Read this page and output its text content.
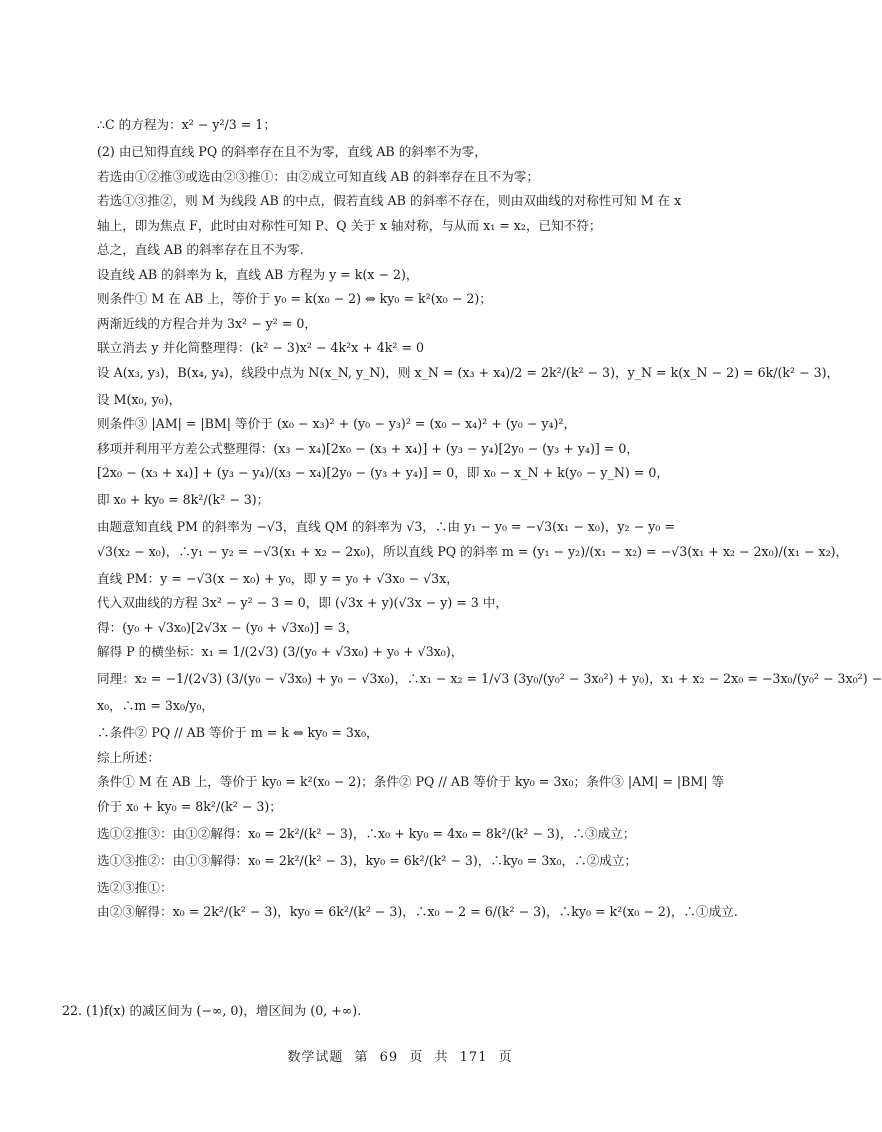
∴C 的方程为：x² − y²/3 = 1；
(2) 由已知得直线 PQ 的斜率存在且不为零，直线 AB 的斜率不为零，
若选由①②推③或选由②③推①：由②成立可知直线 AB 的斜率存在且不为零；
若选①③推②，则 M 为线段 AB 的中点，假若直线 AB 的斜率不存在，则由双曲线的对称性可知 M 在 x
轴上，即为焦点 F，此时由对称性可知 P、Q 关于 x 轴对称，与从而 x₁ = x₂，已知不符；
总之，直线 AB 的斜率存在且不为零.
设直线 AB 的斜率为 k，直线 AB 方程为 y = k(x − 2)，
则条件① M 在 AB 上，等价于 y₀ = k(x₀ − 2) ⇔ ky₀ = k²(x₀ − 2)；
两渐近线的方程合并为 3x² − y² = 0，
联立消去 y 并化简整理得：(k² − 3)x² − 4k²x + 4k² = 0
设 A(x₃, y₃)，B(x₄, y₄)，线段中点为 N(x_N, y_N)，则 x_N = (x₃ + x₄)/2 = 2k²/(k² − 3)，y_N = k(x_N − 2) = 6k/(k² − 3)，
设 M(x₀, y₀)，
则条件③ |AM| = |BM| 等价于 (x₀ − x₃)² + (y₀ − y₃)² = (x₀ − x₄)² + (y₀ − y₄)²，
移项并利用平方差公式整理得：(x₃ − x₄)[2x₀ − (x₃ + x₄)] + (y₃ − y₄)[2y₀ − (y₃ + y₄)] = 0，
[2x₀ − (x₃ + x₄)] + (y₃ − y₄)/(x₃ − x₄)[2y₀ − (y₃ + y₄)] = 0，即 x₀ − x_N + k(y₀ − y_N) = 0，
即 x₀ + ky₀ = 8k²/(k² − 3)；
由题意知直线 PM 的斜率为 −√3，直线 QM 的斜率为 √3，∴由 y₁ − y₀ = −√3(x₁ − x₀)，y₂ − y₀ =
√3(x₂ − x₀)，∴y₁ − y₂ = −√3(x₁ + x₂ − 2x₀)，所以直线 PQ 的斜率 m = (y₁ − y₂)/(x₁ − x₂) = −√3(x₁ + x₂ − 2x₀)/(x₁ − x₂)，
直线 PM：y = −√3(x − x₀) + y₀，即 y = y₀ + √3x₀ − √3x，
代入双曲线的方程 3x² − y² − 3 = 0，即 (√3x + y)(√3x − y) = 3 中，
得：(y₀ + √3x₀)[2√3x − (y₀ + √3x₀)] = 3，
解得 P 的横坐标：x₁ = 1/(2√3) (3/(y₀ + √3x₀) + y₀ + √3x₀)，
同理：x₂ = −1/(2√3) (3/(y₀ − √3x₀) + y₀ − √3x₀)，∴x₁ − x₂ = 1/√3 (3y₀/(y₀² − 3x₀²) + y₀)，x₁ + x₂ − 2x₀ = −3x₀/(y₀² − 3x₀²) −
x₀，∴m = 3x₀/y₀，
∴条件② PQ // AB 等价于 m = k ⇔ ky₀ = 3x₀，
综上所述：
条件① M 在 AB 上，等价于 ky₀ = k²(x₀ − 2)；条件② PQ // AB 等价于 ky₀ = 3x₀；条件③ |AM| = |BM| 等
价于 x₀ + ky₀ = 8k²/(k² − 3)；
选①②推③：由①②解得：x₀ = 2k²/(k² − 3)，∴x₀ + ky₀ = 4x₀ = 8k²/(k² − 3)，∴③成立；
选①③推②：由①③解得：x₀ = 2k²/(k² − 3)，ky₀ = 6k²/(k² − 3)，∴ky₀ = 3x₀，∴②成立；
选②③推①：
由②③解得：x₀ = 2k²/(k² − 3)，ky₀ = 6k²/(k² − 3)，∴x₀ − 2 = 6/(k² − 3)，∴ky₀ = k²(x₀ − 2)，∴①成立.
22. (1)f(x) 的减区间为 (−∞, 0)，增区间为 (0, +∞).
数学试题 第 69 页 共 171 页
